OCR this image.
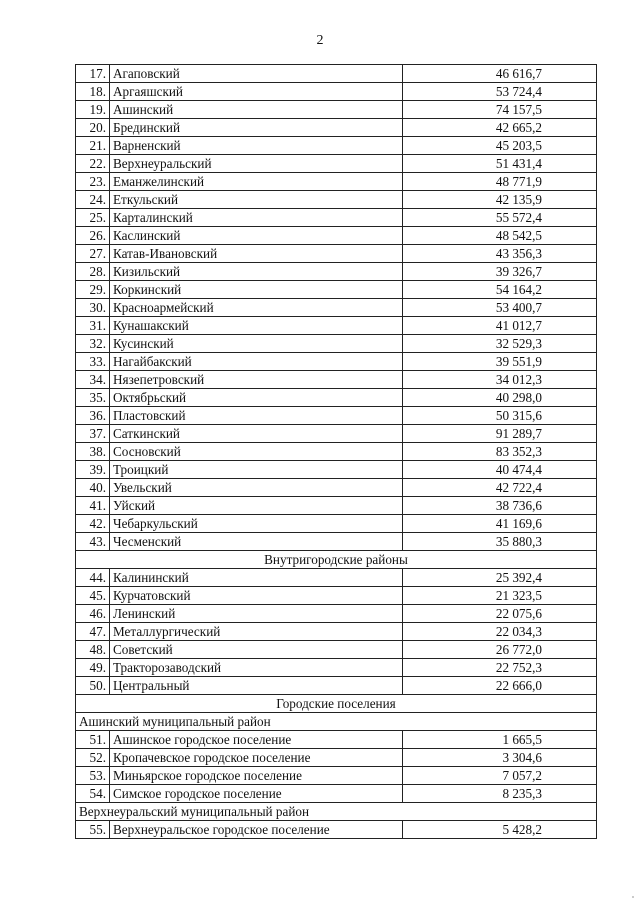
2
17.	Агаповский	46 616,7
18.	Аргаяшский	53 724,4
19.	Ашинский	74 157,5
20.	Брединский	42 665,2
21.	Варненский	45 203,5
22.	Верхнеуральский	51 431,4
23.	Еманжелинский	48 771,9
24.	Еткульский	42 135,9
25.	Карталинский	55 572,4
26.	Каслинский	48 542,5
27.	Катав-Ивановский	43 356,3
28.	Кизильский	39 326,7
29.	Коркинский	54 164,2
30.	Красноармейский	53 400,7
31.	Кунашакский	41 012,7
32.	Кусинский	32 529,3
33.	Нагайбакский	39 551,9
34.	Нязепетровский	34 012,3
35.	Октябрьский	40 298,0
36.	Пластовский	50 315,6
37.	Саткинский	91 289,7
38.	Сосновский	83 352,3
39.	Троицкий	40 474,4
40.	Увельский	42 722,4
41.	Уйский	38 736,6
42.	Чебаркульский	41 169,6
43.	Чесменский	35 880,3
Внутригородские районы		
44.	Калининский	25 392,4
45.	Курчатовский	21 323,5
46.	Ленинский	22 075,6
47.	Металлургический	22 034,3
48.	Советский	26 772,0
49.	Тракторозаводский	22 752,3
50.	Центральный	22 666,0
Городские поселения		
Ашинский муниципальный район		
51.	Ашинское городское поселение	1 665,5
52.	Кропачевское городское поселение	3 304,6
53.	Миньярское городское поселение	7 057,2
54.	Симское городское поселение	8 235,3
Верхнеуральский муниципальный район		
55.	Верхнеуральское городское поселение	5 428,2
